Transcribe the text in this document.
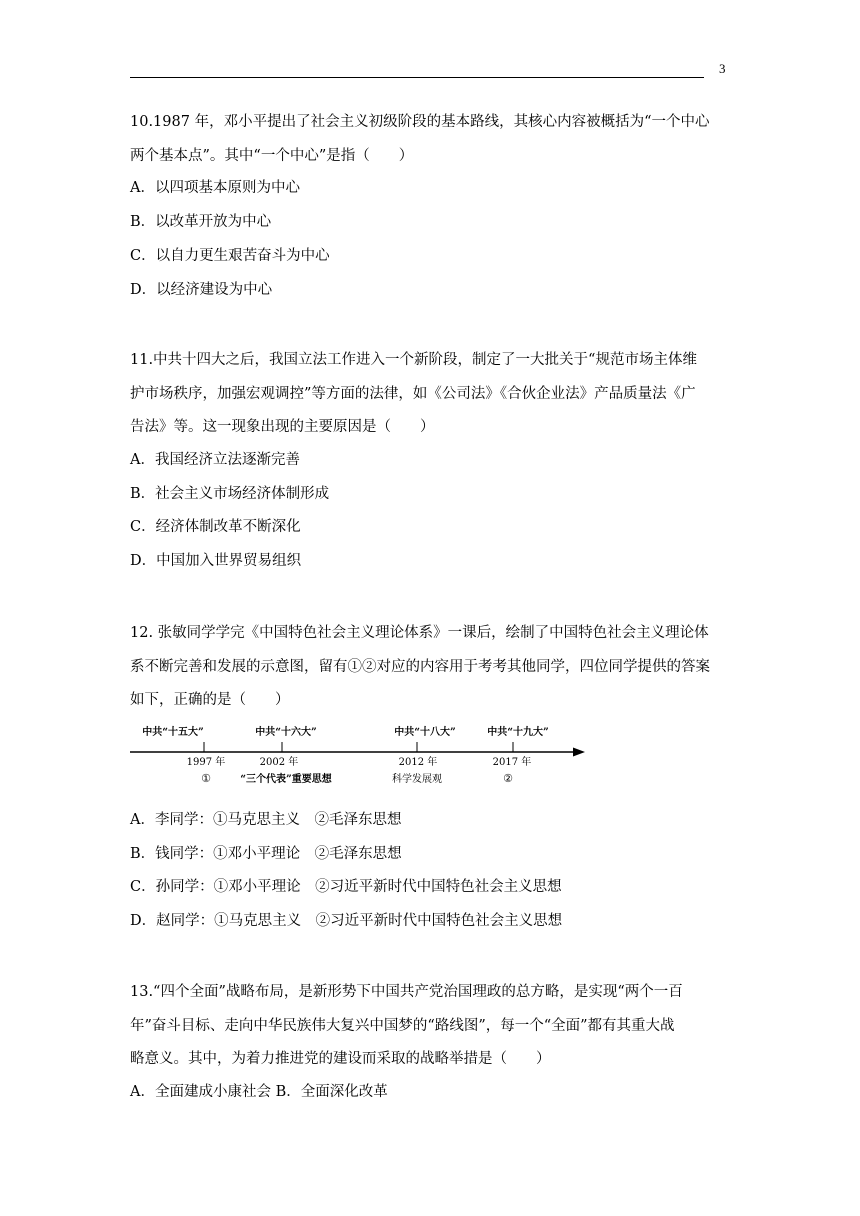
3
10.1987 年，邓小平提出了社会主义初级阶段的基本路线，其核心内容被概括为“一个中心
两个基本点”。其中“一个中心”是指（　　）
A．以四项基本原则为中心
B．以改革开放为中心
C．以自力更生艰苦奋斗为中心
D．以经济建设为中心
11.中共十四大之后，我国立法工作进入一个新阶段，制定了一大批关于“规范市场主体维
护市场秩序，加强宏观调控”等方面的法律，如《公司法》《合伙企业法》产品质量法《广
告法》等。这一现象出现的主要原因是（　　）
A．我国经济立法逐渐完善
B．社会主义市场经济体制形成
C．经济体制改革不断深化
D．中国加入世界贸易组织
12. 张敏同学学完《中国特色社会主义理论体系》一课后，绘制了中国特色社会主义理论体
系不断完善和发展的示意图，留有①②对应的内容用于考考其他同学，四位同学提供的答案
如下，正确的是（　　）
中共“十五大”	中共“十六大”	中共“十八大”	中共“十九大”
1997 年	2002 年	2012 年	2017 年
①	“三个代表”重要思想	科学发展观	②
A．李同学：①马克思主义　②毛泽东思想
B．钱同学：①邓小平理论　②毛泽东思想
C．孙同学：①邓小平理论　②习近平新时代中国特色社会主义思想
D．赵同学：①马克思主义　②习近平新时代中国特色社会主义思想
13.“四个全面”战略布局，是新形势下中国共产党治国理政的总方略，是实现“两个一百
年”奋斗目标、走向中华民族伟大复兴中国梦的“路线图”，每一个“全面”都有其重大战
略意义。其中，为着力推进党的建设而采取的战略举措是（　　）
A．全面建成小康社会 B．全面深化改革
